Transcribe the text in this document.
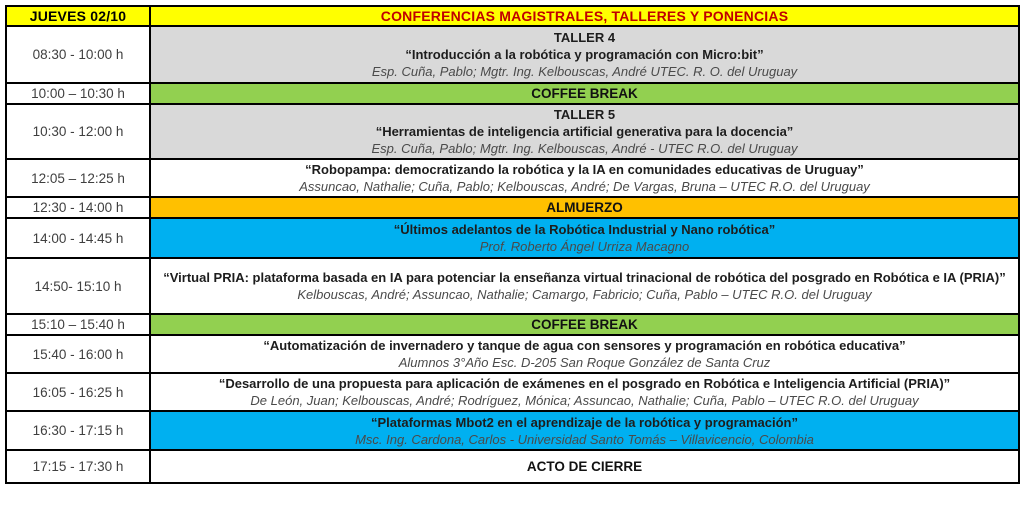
JUEVES 02/10	CONFERENCIAS MAGISTRALES, TALLERES Y PONENCIAS
08:30 - 10:00 h	TALLER 4
“Introducción a la robótica y programación con Micro:bit”
Esp. Cuña, Pablo; Mgtr. Ing. Kelbouscas, André UTEC. R. O. del Uruguay

10:00 – 10:30 h	COFFEE BREAK

10:30 - 12:00 h	TALLER 5
“Herramientas de inteligencia artificial generativa para la docencia”
Esp. Cuña, Pablo; Mgtr. Ing. Kelbouscas, André - UTEC R.O. del Uruguay

12:05 – 12:25 h	“Robopampa: democratizando la robótica y la IA en comunidades educativas de Uruguay”
Assuncao, Nathalie; Cuña, Pablo; Kelbouscas, André; De Vargas, Bruna – UTEC R.O. del Uruguay

12:30 - 14:00 h	ALMUERZO

14:00 - 14:45 h	“Últimos adelantos de la Robótica Industrial y Nano robótica”
Prof. Roberto Ángel Urriza Macagno

14:50- 15:10 h	“Virtual PRIA: plataforma basada en IA para potenciar la enseñanza virtual trinacional de robótica del posgrado en Robótica e IA (PRIA)”
Kelbouscas, André; Assuncao, Nathalie; Camargo, Fabricio; Cuña, Pablo – UTEC R.O. del Uruguay

15:10 – 15:40 h	COFFEE BREAK

15:40 - 16:00 h	“Automatización de invernadero y tanque de agua con sensores y programación en robótica educativa”
Alumnos 3°Año Esc. D-205 San Roque González de Santa Cruz

16:05 - 16:25 h	“Desarrollo de una propuesta para aplicación de exámenes en el posgrado en Robótica e Inteligencia Artificial (PRIA)”
De León, Juan; Kelbouscas, André; Rodríguez, Mónica; Assuncao, Nathalie; Cuña, Pablo – UTEC R.O. del Uruguay

16:30 - 17:15 h	“Plataformas Mbot2 en el aprendizaje de la robótica y programación”
Msc. Ing. Cardona, Carlos - Universidad Santo Tomás – Villavicencio, Colombia

17:15 - 17:30 h	ACTO DE CIERRE
